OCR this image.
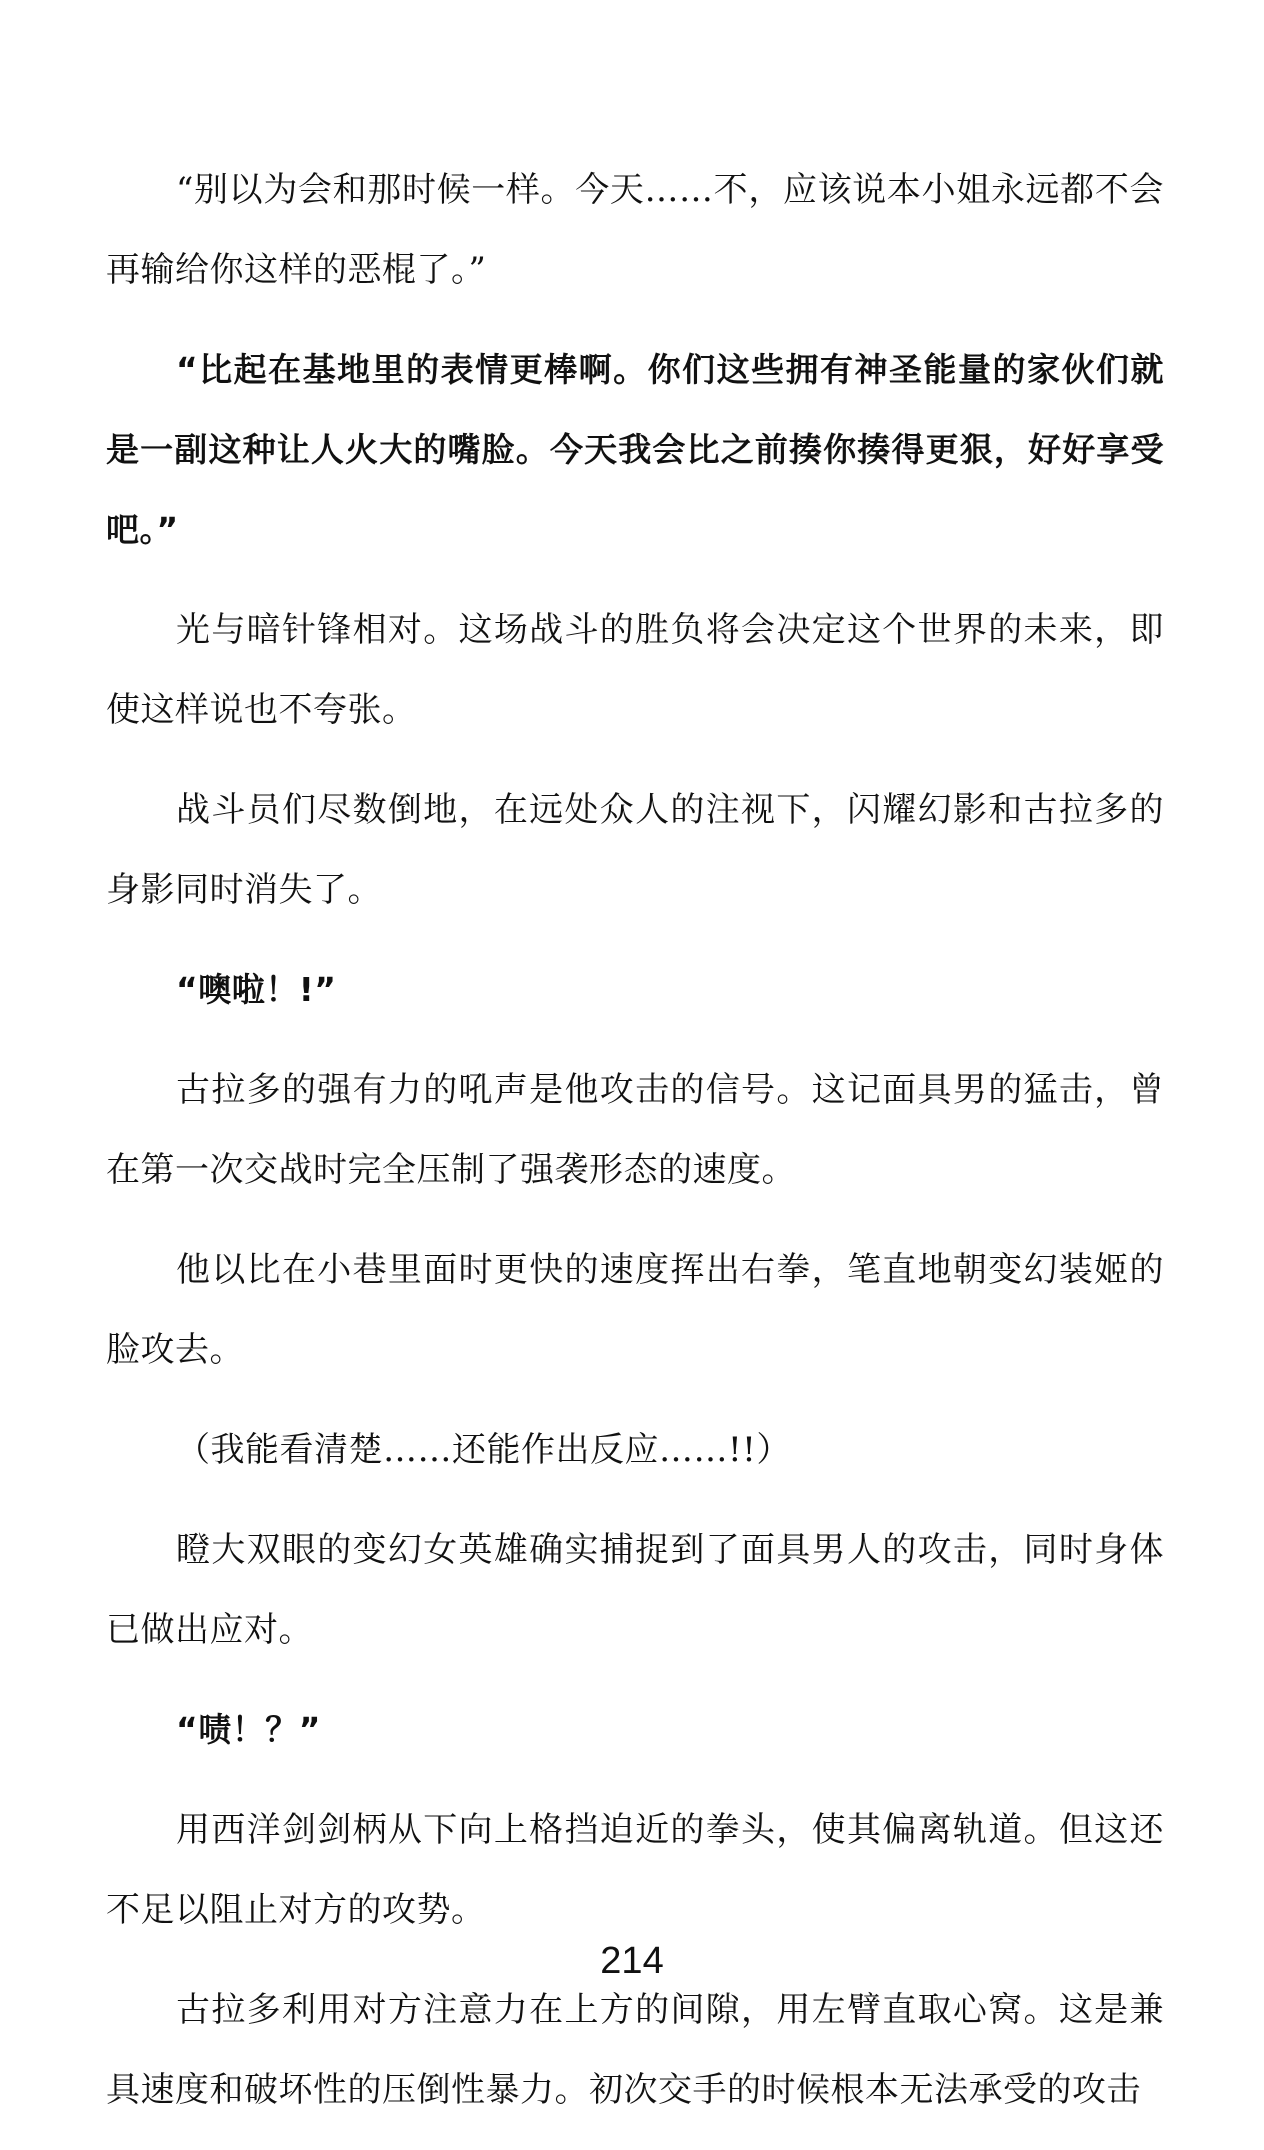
“别以为会和那时候一样。今天……不，应该说本小姐永远都不会再输给你这样的恶棍了。”

“比起在基地里的表情更棒啊。你们这些拥有神圣能量的家伙们就是一副这种让人火大的嘴脸。今天我会比之前揍你揍得更狠，好好享受吧。”

光与暗针锋相对。这场战斗的胜负将会决定这个世界的未来，即使这样说也不夸张。

战斗员们尽数倒地，在远处众人的注视下，闪耀幻影和古拉多的身影同时消失了。

“噢啦！!”

古拉多的强有力的吼声是他攻击的信号。这记面具男的猛击，曾在第一次交战时完全压制了强袭形态的速度。

他以比在小巷里面时更快的速度挥出右拳，笔直地朝变幻装姬的脸攻去。

（我能看清楚……还能作出反应……!!）

瞪大双眼的变幻女英雄确实捕捉到了面具男人的攻击，同时身体已做出应对。

“啧！？”

用西洋剑剑柄从下向上格挡迫近的拳头，使其偏离轨道。但这还不足以阻止对方的攻势。

古拉多利用对方注意力在上方的间隙，用左臂直取心窝。这是兼具速度和破坏性的压倒性暴力。初次交手的时候根本无法承受的攻击

214
